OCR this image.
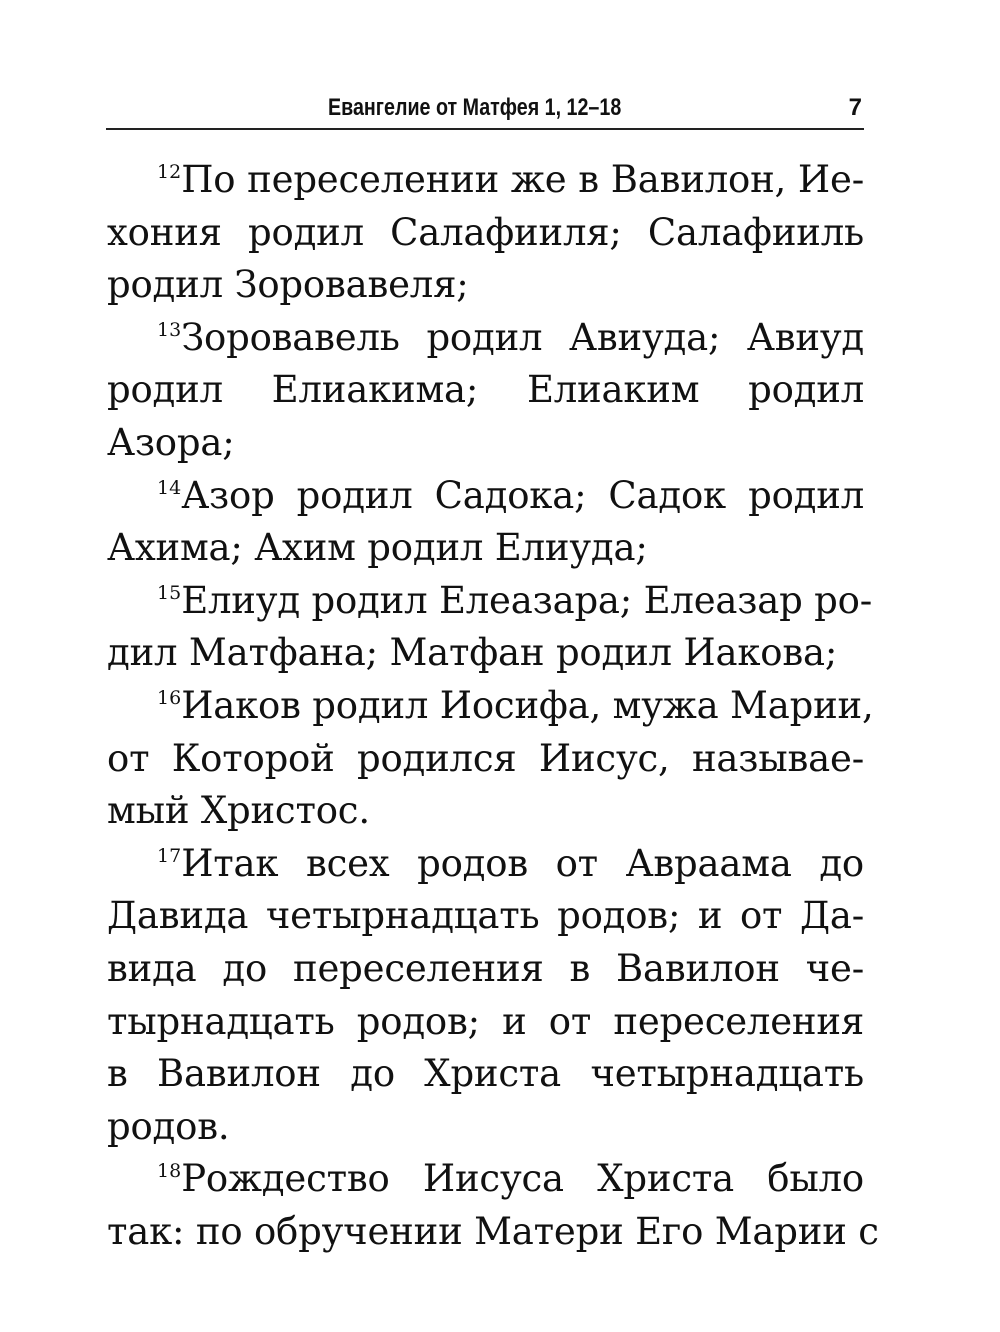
Евангелие от Матфея 1, 12–18	7
$^{12}$По переселении же в Вавилон, Ие-
хония родил Салафииля; Салафииль
родил Зоровавеля;
$^{13}$Зоровавель родил Авиуда; Авиуд
родил Елиакима; Елиаким родил
Азора;
$^{14}$Азор родил Садока; Садок родил
Ахима; Ахим родил Елиуда;
$^{15}$Елиуд родил Елеазара; Елеазар ро-
дил Матфана; Матфан родил Иакова;
$^{16}$Иаков родил Иосифа, мужа Марии,
от Которой родился Иисус, называе-
мый Христос.
$^{17}$Итак всех родов от Авраама до
Давида четырнадцать родов; и от Да-
вида до переселения в Вавилон че-
тырнадцать родов; и от переселения
в Вавилон до Христа четырнадцать
родов.
$^{18}$Рождество Иисуса Христа было
так: по обручении Матери Его Марии с
